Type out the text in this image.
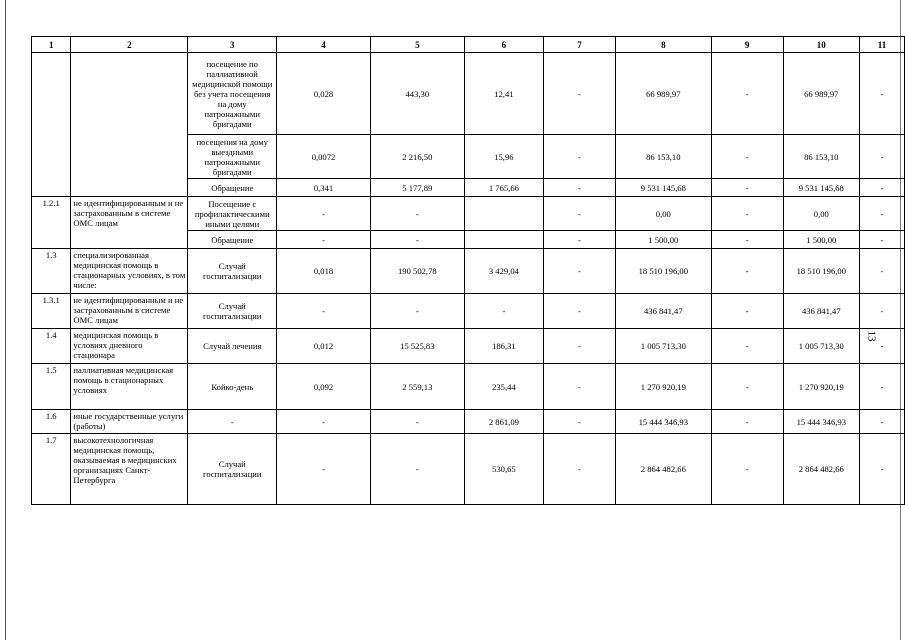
13
1	2	3	4	5	6	7	8	9	10	11
		посещение по паллиативной медицинской помощи без учета посещения на дому патронажными бригадами	0,028	443,30	12,41	-	66 989,97	-	66 989,97	-
		посещения на дому выездными патронажными бригадами	0,0072	2 216,50	15,96	-	86 153,10	-	86 153,10	-
		Обращение	0,341	5 177,89	1 765,66	-	9 531 145,68	-	9 531 145,68	-
1.2.1	не идентифицированным и не застрахованным в системе ОМС лицам	Посещение с профилактическими иными целями	-	-		-	0,00	-	0,00	-
		Обращение	-	-		-	1 500,00	-	1 500,00	-
1.3	специализированная медицинская помощь в стационарных условиях, в том числе:	Случай госпитализации	0,018	190 502,78	3 429,04	-	18 510 196,00	-	18 510 196,00	-
1.3.1	не идентифицированным и не застрахованным в системе ОМС лицам	Случай госпитализации	-	-	-	-	436 841,47	-	436 841,47	-
1.4	медицинская помощь в условиях дневного стационара	Случай лечения	0,012	15 525,83	186,31	-	1 005 713,30	-	1 005 713,30	-
1.5	паллиативная медицинская помощь в стационарных условиях	Койко-день	0,092	2 559,13	235,44	-	1 270 920,19	-	1 270 920,19	-
1.6	иные государственные услуги (работы)	-	-	-	2 861,09	-	15 444 346,93	-	15 444 346,93	-
1.7	высокотехнологичная медицинская помощь, оказываемая в медицинских организациях Санкт-Петербурга	Случай госпитализации	-	-	530,65	-	2 864 482,66	-	2 864 482,66	-
